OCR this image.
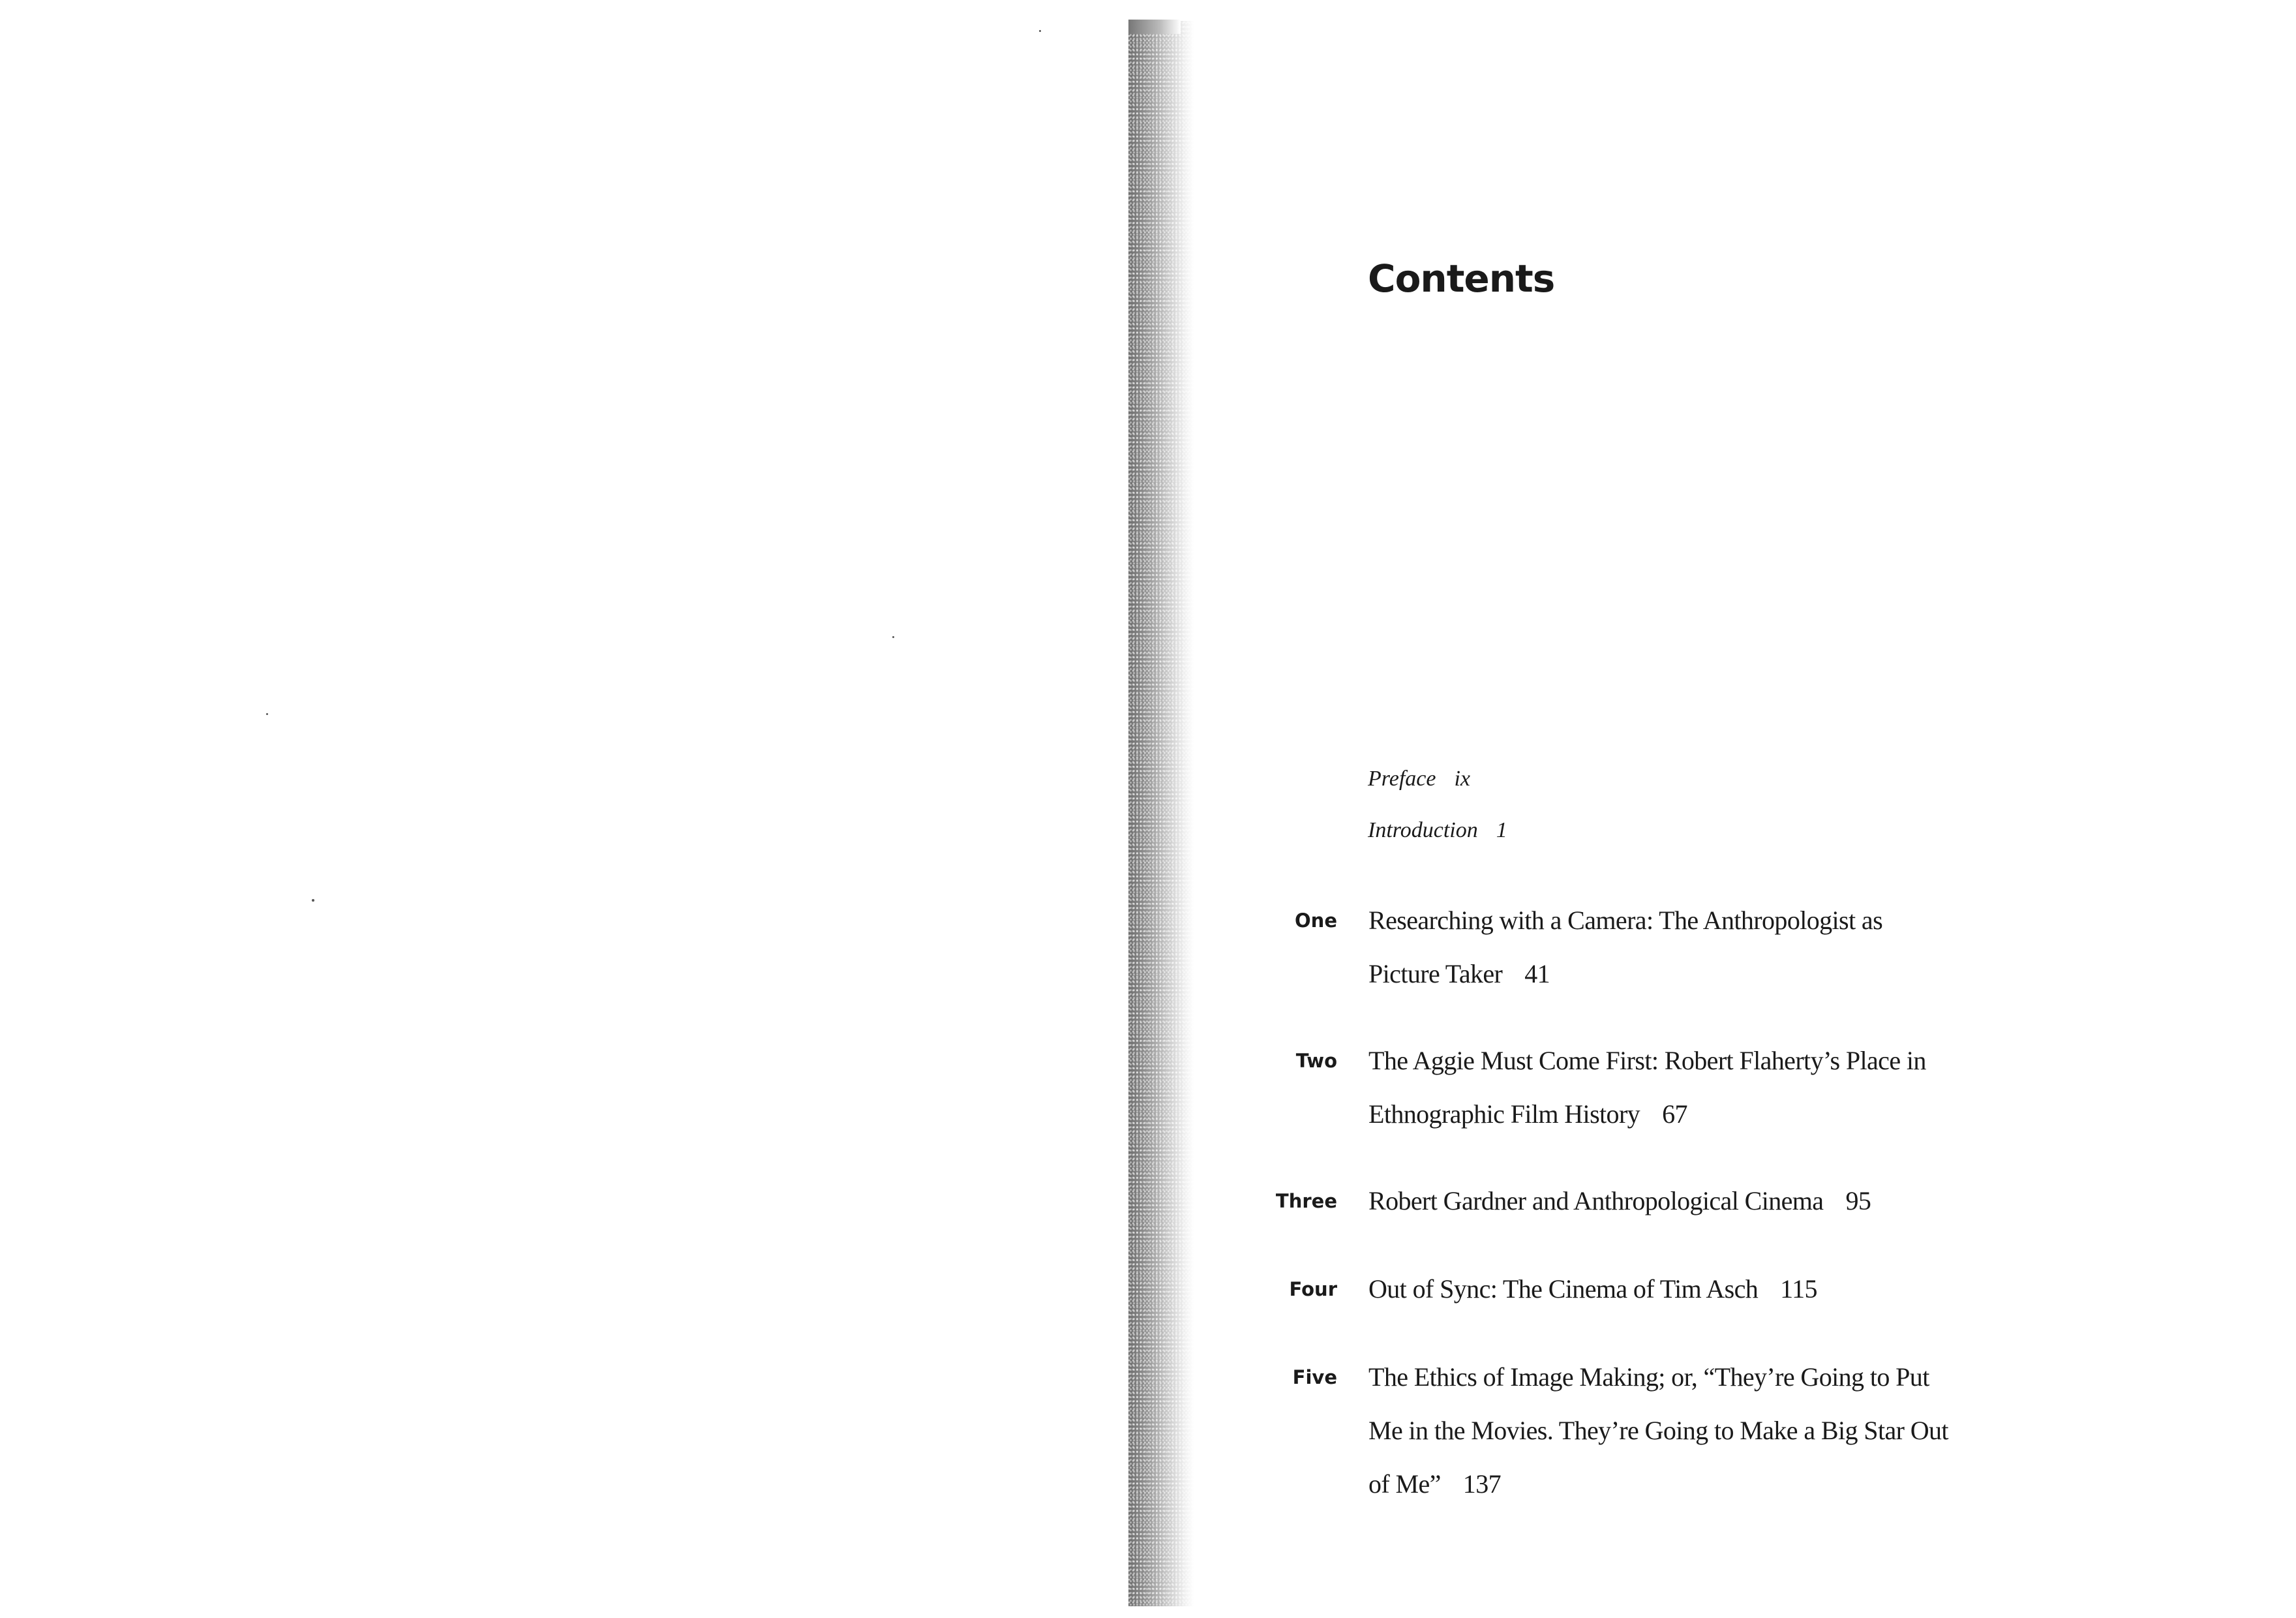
Contents
Preface ix
Introduction 1
One Researching with a Camera: The Anthropologist as Picture Taker 41
Two The Aggie Must Come First: Robert Flaherty’s Place in Ethnographic Film History 67
Three Robert Gardner and Anthropological Cinema 95
Four Out of Sync: The Cinema of Tim Asch 115
Five The Ethics of Image Making; or, “They’re Going to Put Me in the Movies. They’re Going to Make a Big Star Out of Me” 137
